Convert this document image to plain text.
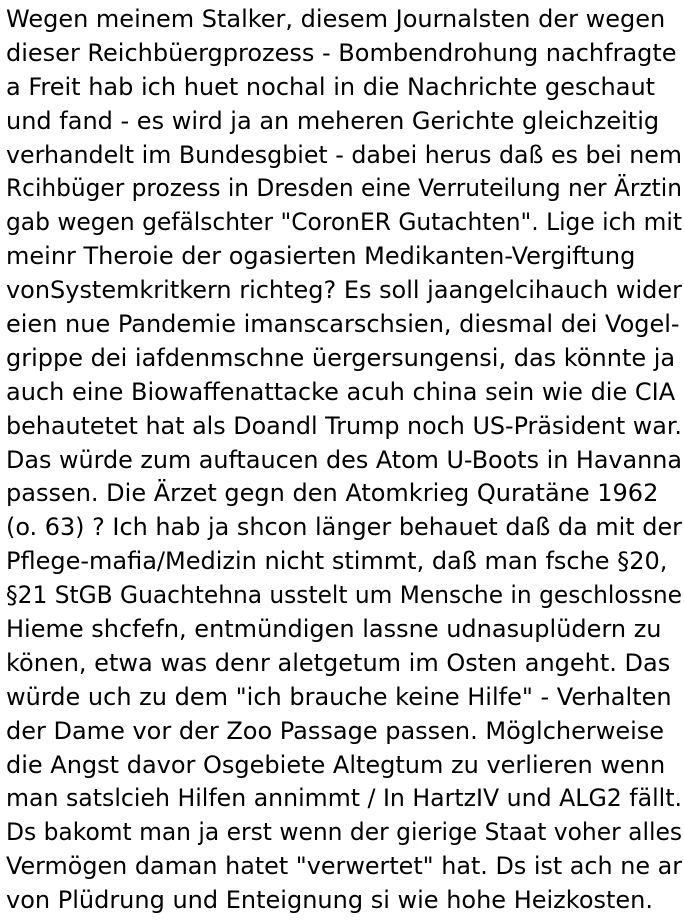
Wegen meinem Stalker, diesem Journalsten der wegen
dieser Reichbüergprozess - Bombendrohung nachfragte
a Freit hab ich huet nochal in die Nachrichte geschaut
und fand - es wird ja an meheren Gerichte gleichzeitig
verhandelt im Bundesgbiet - dabei herus daß es bei nem
Rcihbüger prozess in Dresden eine Verruteilung ner Ärztin
gab wegen gefälschter "CoronER Gutachten". Lige ich mit
meinr Theroie der ogasierten Medikanten-Vergiftung
vonSystemkritkern richteg? Es soll jaangelcihauch wider
eien nue Pandemie imanscarschsien, diesmal dei Vogel-
grippe dei iafdenmschne üergersungensi, das könnte ja
auch eine Biowaffenattacke acuh china sein wie die CIA
behautetet hat als Doandl Trump noch US-Präsident war.
Das würde zum auftaucen des Atom U-Boots in Havanna
passen. Die Ärzet gegn den Atomkrieg Quratäne 1962
(o. 63) ? Ich hab ja shcon länger behauet daß da mit der
Pflege-mafia/Medizin nicht stimmt, daß man fsche §20,
§21 StGB Guachtehna usstelt um Mensche in geschlossne
Hieme shcfefn, entmündigen lassne udnasuplüdern zu
könen, etwa was denr aletgetum im Osten angeht. Das
würde uch zu dem "ich brauche keine Hilfe" - Verhalten
der Dame vor der Zoo Passage passen. Möglcherweise
die Angst davor Osgebiete Altegtum zu verlieren wenn
man satslcieh Hilfen annimmt / In HartzIV und ALG2 fällt.
Ds bakomt man ja erst wenn der gierige Staat voher alles
Vermögen daman hatet "verwertet" hat. Ds ist ach ne ar
von Plüdrung und Enteignung si wie hohe Heizkosten.
